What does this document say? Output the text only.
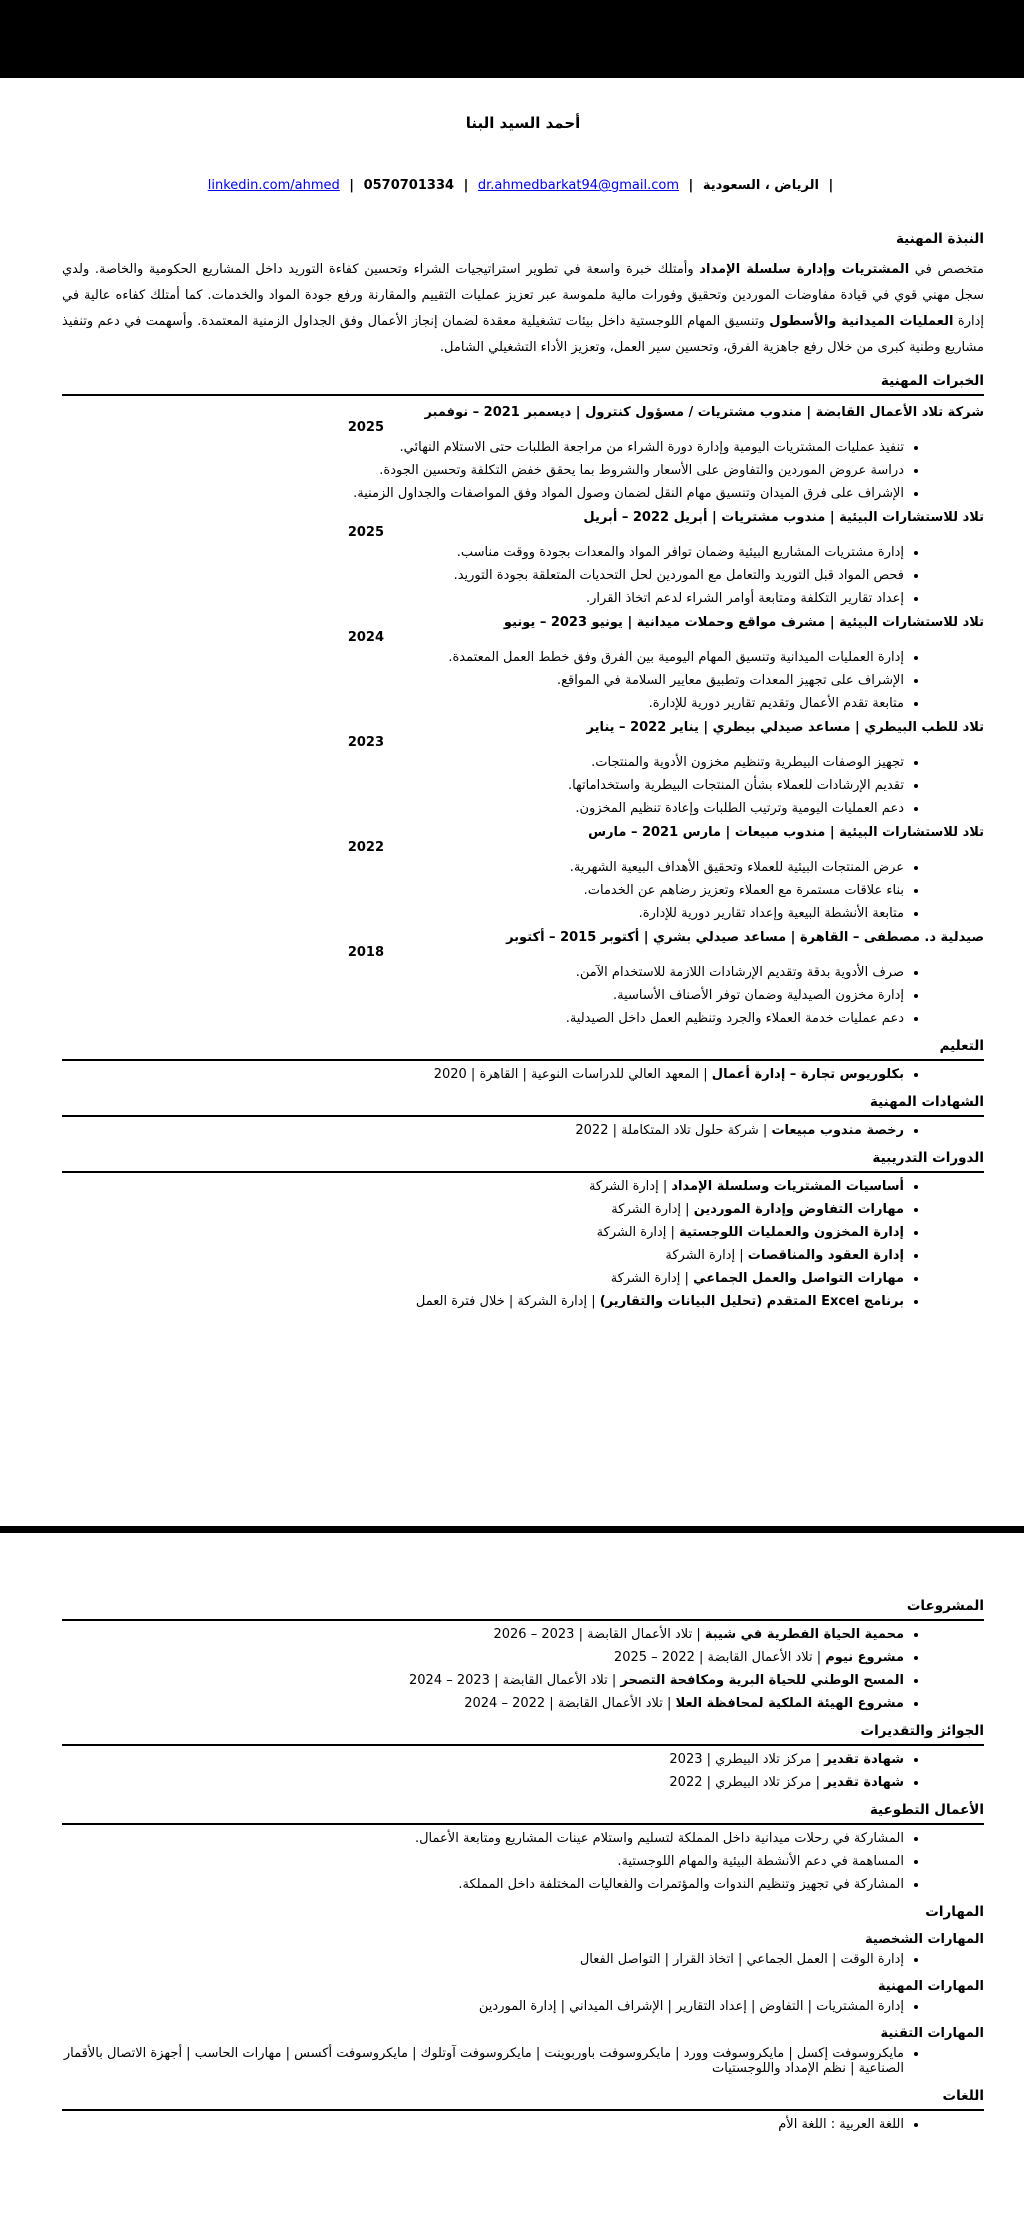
أحمد السيد البنا
linkedin.com/ahmed | 0570701334 | dr.ahmedbarkat94@gmail.com | الرياض ، السعودية |
النبذة المهنية
متخصص في المشتريات وإدارة سلسلة الإمداد وأمتلك خبرة واسعة في تطوير استراتيجيات الشراء وتحسين كفاءة التوريد داخل المشاريع الحكومية والخاصة. ولدي سجل مهني قوي في قيادة مفاوضات الموردين وتحقيق وفورات مالية ملموسة عبر تعزيز عمليات التقييم والمقارنة ورفع جودة المواد والخدمات. كما أمتلك كفاءه عالية في إدارة العمليات الميدانية والأسطول وتنسيق المهام اللوجستية داخل بيئات تشغيلية معقدة لضمان إنجاز الأعمال وفق الجداول الزمنية المعتمدة. وأسهمت في دعم وتنفيذ مشاريع وطنية كبرى من خلال رفع جاهزية الفرق، وتحسين سير العمل، وتعزيز الأداء التشغيلي الشامل.
الخبرات المهنية
شركة تلاد الأعمال القابضة | مندوب مشتريات / مسؤول كنترول | ديسمبر 2021 – نوفمبر
2025
• تنفيذ عمليات المشتريات اليومية وإدارة دورة الشراء من مراجعة الطلبات حتى الاستلام النهائي.
• دراسة عروض الموردين والتفاوض على الأسعار والشروط بما يحقق خفض التكلفة وتحسين الجودة.
• الإشراف على فرق الميدان وتنسيق مهام النقل لضمان وصول المواد وفق المواصفات والجداول الزمنية.
تلاد للاستشارات البيئية | مندوب مشتريات | أبريل 2022 – أبريل
2025
• إدارة مشتريات المشاريع البيئية وضمان توافر المواد والمعدات بجودة ووقت مناسب.
• فحص المواد قبل التوريد والتعامل مع الموردين لحل التحديات المتعلقة بجودة التوريد.
• إعداد تقارير التكلفة ومتابعة أوامر الشراء لدعم اتخاذ القرار.
تلاد للاستشارات البيئية | مشرف مواقع وحملات ميدانية | يونيو 2023 – يونيو
2024
• إدارة العمليات الميدانية وتنسيق المهام اليومية بين الفرق وفق خطط العمل المعتمدة.
• الإشراف على تجهيز المعدات وتطبيق معايير السلامة في المواقع.
• متابعة تقدم الأعمال وتقديم تقارير دورية للإدارة.
تلاد للطب البيطري | مساعد صيدلي بيطري | يناير 2022 – يناير
2023
• تجهيز الوصفات البيطرية وتنظيم مخزون الأدوية والمنتجات.
• تقديم الإرشادات للعملاء بشأن المنتجات البيطرية واستخداماتها.
• دعم العمليات اليومية وترتيب الطلبات وإعادة تنظيم المخزون.
تلاد للاستشارات البيئية | مندوب مبيعات | مارس 2021 – مارس
2022
• عرض المنتجات البيئية للعملاء وتحقيق الأهداف البيعية الشهرية.
• بناء علاقات مستمرة مع العملاء وتعزيز رضاهم عن الخدمات.
• متابعة الأنشطة البيعية وإعداد تقارير دورية للإدارة.
صيدلية د. مصطفى – القاهرة | مساعد صيدلي بشري | أكتوبر 2015 – أكتوبر
2018
• صرف الأدوية بدقة وتقديم الإرشادات اللازمة للاستخدام الآمن.
• إدارة مخزون الصيدلية وضمان توفر الأصناف الأساسية.
• دعم عمليات خدمة العملاء والجرد وتنظيم العمل داخل الصيدلية.
التعليم
• بكلوريوس تجارة – إدارة أعمال | المعهد العالي للدراسات النوعية | القاهرة | 2020
الشهادات المهنية
• رخصة مندوب مبيعات | شركة حلول تلاد المتكاملة | 2022
الدورات التدريبية
• أساسيات المشتريات وسلسلة الإمداد | إدارة الشركة
• مهارات التفاوض وإدارة الموردين | إدارة الشركة
• إدارة المخزون والعمليات اللوجستية | إدارة الشركة
• إدارة العقود والمناقصات | إدارة الشركة
• مهارات التواصل والعمل الجماعي | إدارة الشركة
• برنامج Excel المتقدم (تحليل البيانات والتقارير) | إدارة الشركة | خلال فترة العمل
المشروعات
• محمية الحياة الفطرية في شيبة | تلاد الأعمال القابضة | 2023 – 2026
• مشروع نيوم | تلاد الأعمال القابضة | 2022 – 2025
• المسح الوطني للحياة البرية ومكافحة التصحر | تلاد الأعمال القابضة | 2023 – 2024
• مشروع الهيئة الملكية لمحافظة العلا | تلاد الأعمال القابضة | 2022 – 2024
الجوائز والتقديرات
• شهادة تقدير | مركز تلاد البيطري | 2023
• شهادة تقدير | مركز تلاد البيطري | 2022
الأعمال التطوعية
• المشاركة في رحلات ميدانية داخل المملكة لتسليم واستلام عينات المشاريع ومتابعة الأعمال.
• المساهمة في دعم الأنشطة البيئية والمهام اللوجستية.
• المشاركة في تجهيز وتنظيم الندوات والمؤتمرات والفعاليات المختلفة داخل المملكة.
المهارات
المهارات الشخصية
• إدارة الوقت | العمل الجماعي | اتخاذ القرار | التواصل الفعال
المهارات المهنية
• إدارة المشتريات | التفاوض | إعداد التقارير | الإشراف الميداني | إدارة الموردين
المهارات التقنية
• مايكروسوفت إكسل | مايكروسوفت وورد | مايكروسوفت باوربوينت | مايكروسوفت آوتلوك | مايكروسوفت أكسس | مهارات الحاسب | أجهزة الاتصال بالأقمار الصناعية | نظم الإمداد واللوجستيات
اللغات
• اللغة العربية : اللغة الأم
